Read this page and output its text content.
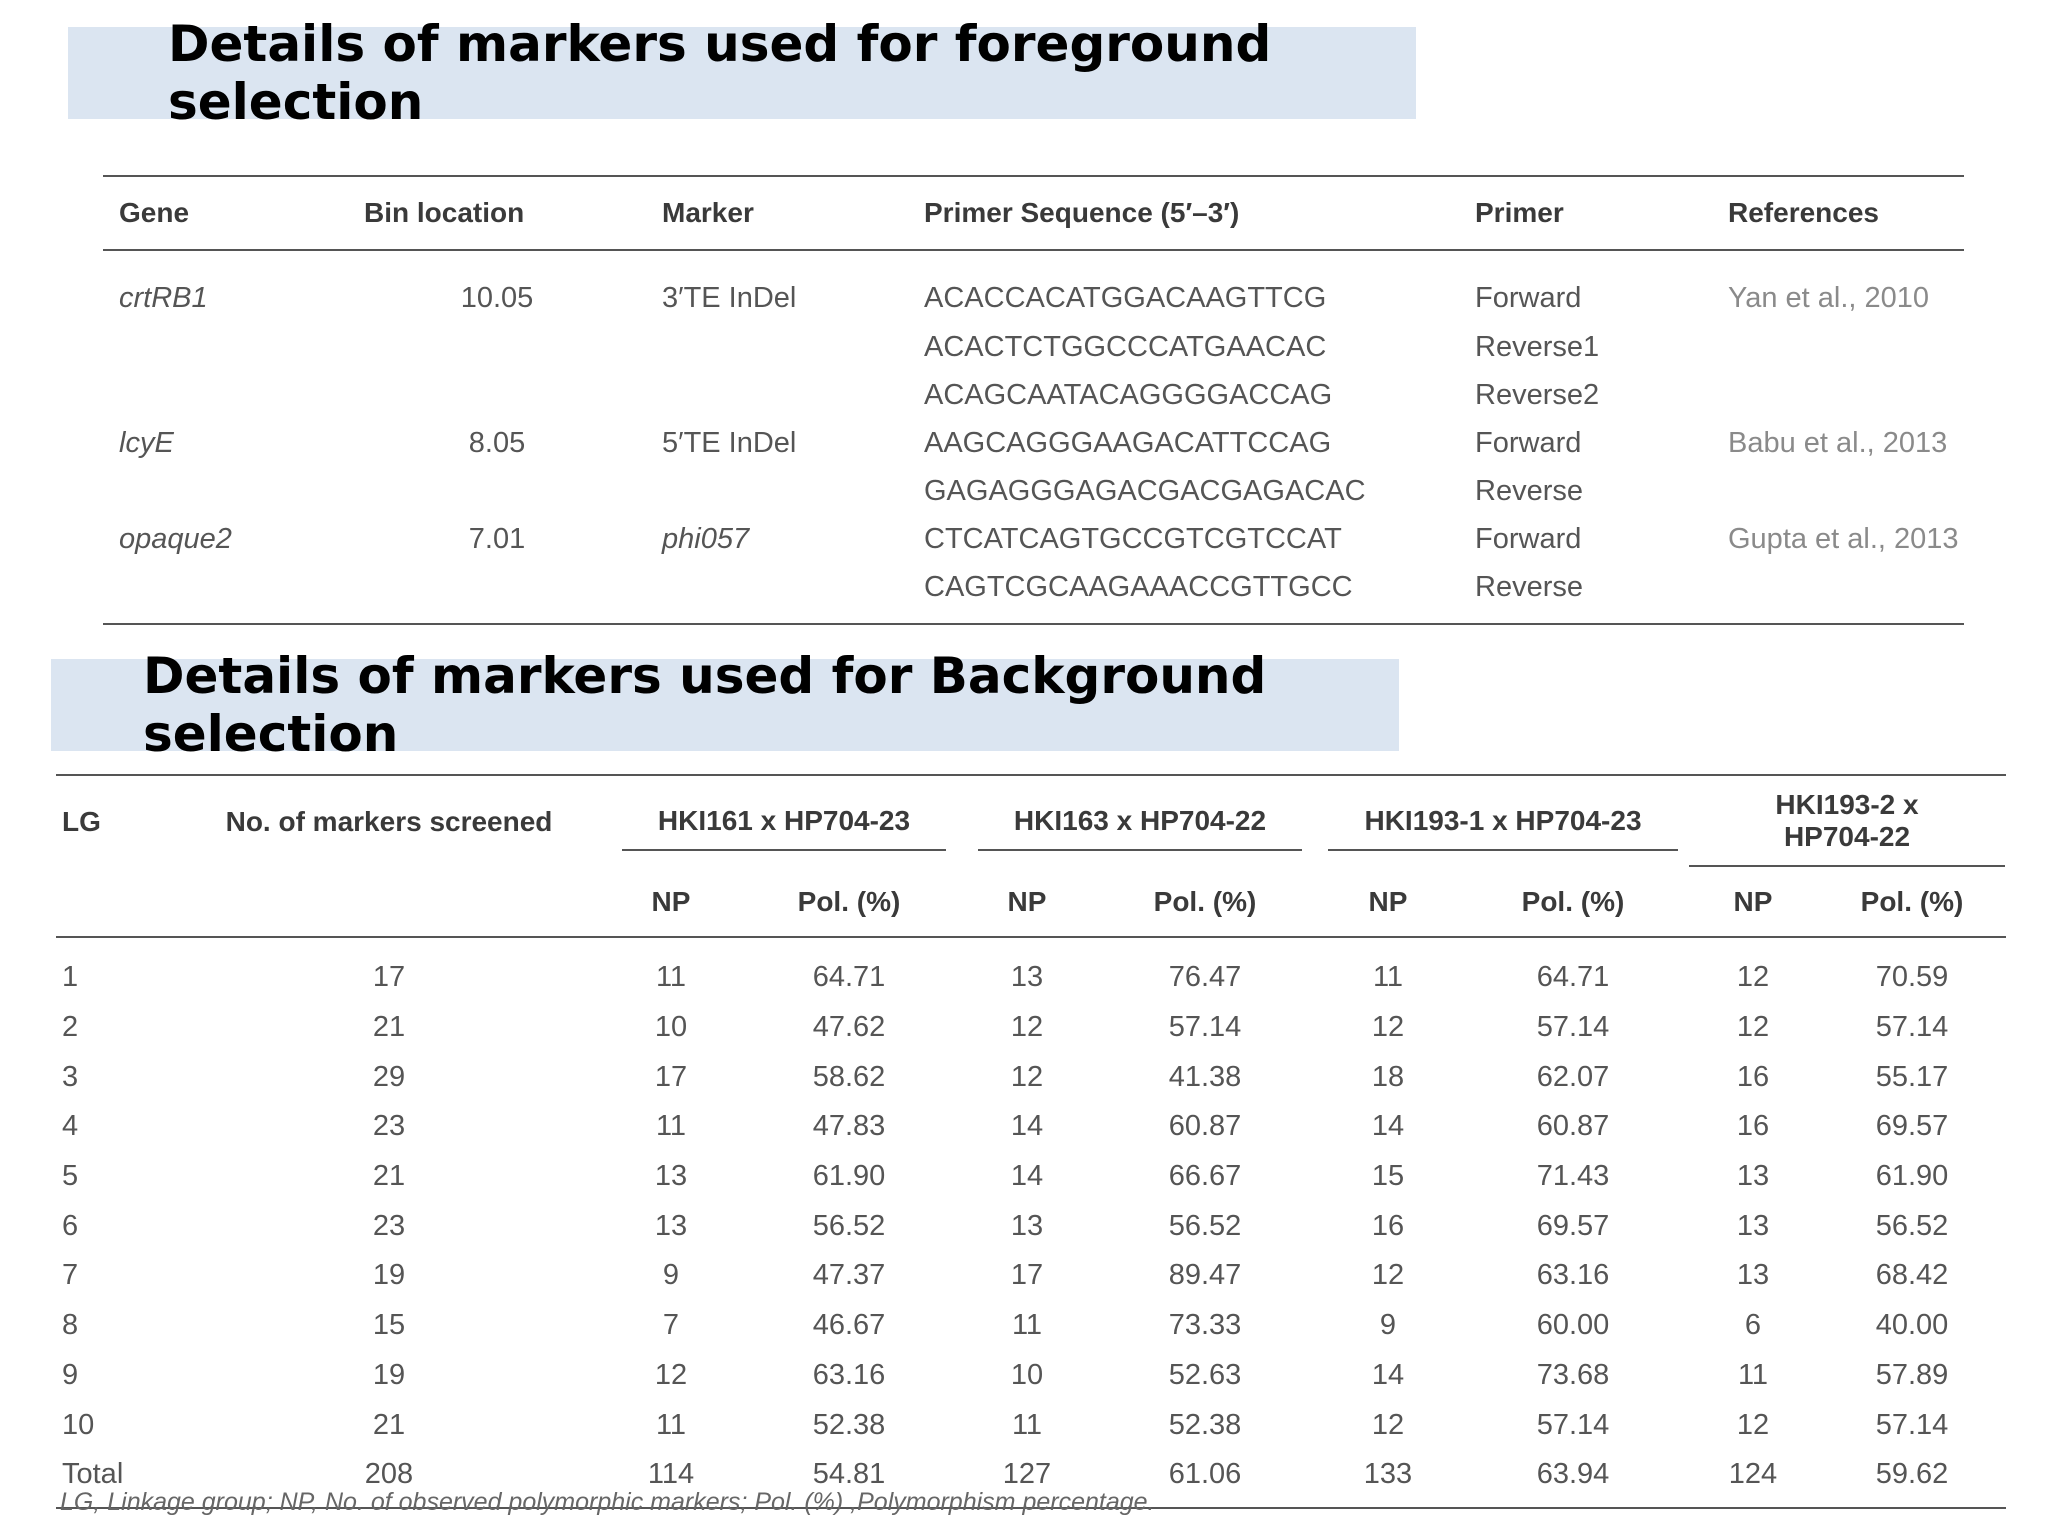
Details of markers used for foreground selection
Gene	Bin location	Marker	Primer Sequence (5′–3′)	Primer	References
crtRB1	10.05	3′TE InDel	ACACCACATGGACAAGTTCG	Forward	Yan et al., 2010
			ACACTCTGGCCCATGAACAC	Reverse1	
			ACAGCAATACAGGGGACCAG	Reverse2	
lcyE	8.05	5′TE InDel	AAGCAGGGAAGACATTCCAG	Forward	Babu et al., 2013
			GAGAGGGAGACGACGAGACAC	Reverse	
opaque2	7.01	phi057	CTCATCAGTGCCGTCGTCCAT	Forward	Gupta et al., 2013
			CAGTCGCAAGAAACCGTTGCC	Reverse	
Details of markers used for Background selection
LG	No. of markers screened	HKI161 x HP704-23		HKI163 x HP704-22		HKI193-1 x HP704-23		HKI193-2 x HP704-22	
		NP	Pol. (%)	NP	Pol. (%)	NP	Pol. (%)	NP	Pol. (%)
1	17	11	64.71	13	76.47	11	64.71	12	70.59
2	21	10	47.62	12	57.14	12	57.14	12	57.14
3	29	17	58.62	12	41.38	18	62.07	16	55.17
4	23	11	47.83	14	60.87	14	60.87	16	69.57
5	21	13	61.90	14	66.67	15	71.43	13	61.90
6	23	13	56.52	13	56.52	16	69.57	13	56.52
7	19	9	47.37	17	89.47	12	63.16	13	68.42
8	15	7	46.67	11	73.33	9	60.00	6	40.00
9	19	12	63.16	10	52.63	14	73.68	11	57.89
10	21	11	52.38	11	52.38	12	57.14	12	57.14
Total	208	114	54.81	127	61.06	133	63.94	124	59.62
LG, Linkage group; NP, No. of observed polymorphic markers; Pol. (%) ,Polymorphism percentage.
